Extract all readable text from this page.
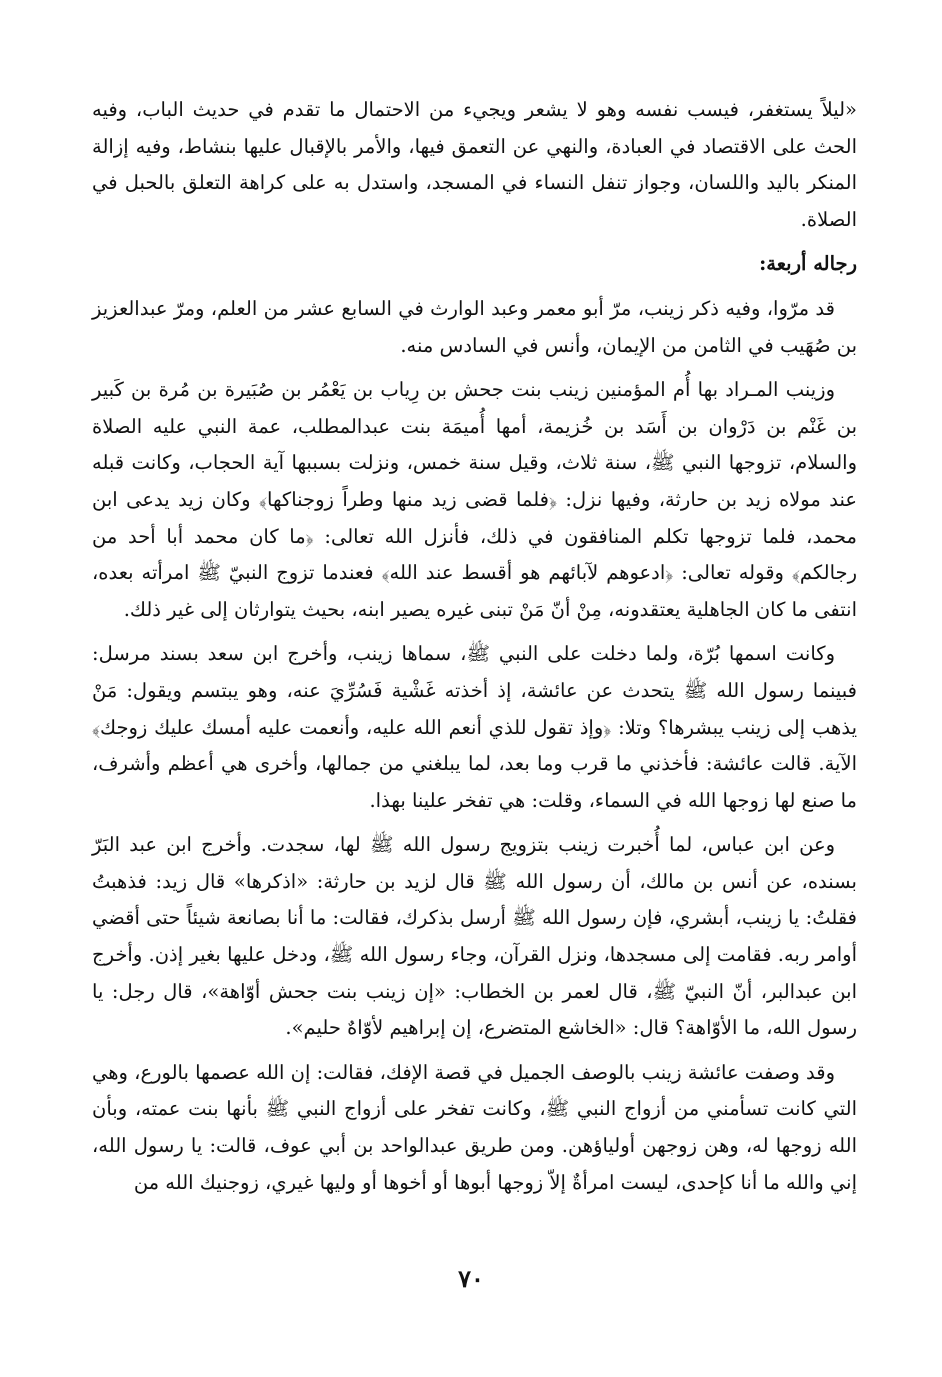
«ليلاً يستغفر، فيسب نفسه وهو لا يشعر ويجيء من الاحتمال ما تقدم في حديث الباب، وفيه الحث على الاقتصاد في العبادة، والنهي عن التعمق فيها، والأمر بالإقبال عليها بنشاط، وفيه إزالة المنكر باليد واللسان، وجواز تنفل النساء في المسجد، واستدل به على كراهة التعلق بالحبل في الصلاة.

رجاله أربعة:

قد مرّوا، وفيه ذكر زينب، مرّ أبو معمر وعبد الوارث في السابع عشر من العلم، ومرّ عبدالعزيز بن صُهَيب في الثامن من الإيمان، وأنس في السادس منه.

وزينب المـراد بها أُم المؤمنين زينب بنت جحش بن رِياب بن يَعْمُر بن صُبَيرة بن مُرة بن كَبير بن غَنْم بن دَرْوان بن أَسَد بن خُزيمة، أمها أُميمَة بنت عبدالمطلب، عمة النبي عليه الصلاة والسلام، تزوجها النبي ﷺ، سنة ثلاث، وقيل سنة خمس، ونزلت بسببها آية الحجاب، وكانت قبله عند مولاه زيد بن حارثة، وفيها نزل: ﴿فلما قضى زيد منها وطراً زوجناكها﴾ وكان زيد يدعى ابن محمد، فلما تزوجها تكلم المنافقون في ذلك، فأنزل الله تعالى: ﴿ما كان محمد أبا أحد من رجالكم﴾ وقوله تعالى: ﴿ادعوهم لآبائهم هو أقسط عند الله﴾ فعندما تزوج النبيّ ﷺ امرأته بعده، انتفى ما كان الجاهلية يعتقدونه، مِنْ أنّ مَنْ تبنى غيره يصير ابنه، بحيث يتوارثان إلى غير ذلك.

وكانت اسمها بُرّة، ولما دخلت على النبي ﷺ، سماها زينب، وأخرج ابن سعد بسند مرسل: فبينما رسول الله ﷺ يتحدث عن عائشة، إذ أخذته غَشْية فَسُرِّيَ عنه، وهو يبتسم ويقول: مَنْ يذهب إلى زينب يبشرها؟ وتلا: ﴿وإذ تقول للذي أنعم الله عليه، وأنعمت عليه أمسك عليك زوجك﴾ الآية. قالت عائشة: فأخذني ما قرب وما بعد، لما يبلغني من جمالها، وأخرى هي أعظم وأشرف، ما صنع لها زوجها الله في السماء، وقلت: هي تفخر علينا بهذا.

وعن ابن عباس، لما أُخبرت زينب بتزويج رسول الله ﷺ لها، سجدت. وأخرج ابن عبد البَرّ بسنده، عن أنس بن مالك، أن رسول الله ﷺ قال لزيد بن حارثة: «اذكرها» قال زيد: فذهبتُ فقلتُ: يا زينب، أبشري، فإن رسول الله ﷺ أرسل بذكرك، فقالت: ما أنا بصانعة شيئاً حتى أقضي أوامر ربه. فقامت إلى مسجدها، ونزل القرآن، وجاء رسول الله ﷺ، ودخل عليها بغير إذن. وأخرج ابن عبدالبر، أنّ النبيّ ﷺ، قال لعمر بن الخطاب: «إن زينب بنت جحش أوّاهة»، قال رجل: يا رسول الله، ما الأوّاهة؟ قال: «الخاشع المتضرع، إن إبراهيم لأوّاهٌ حليم».

وقد وصفت عائشة زينب بالوصف الجميل في قصة الإفك، فقالت: إن الله عصمها بالورع، وهي التي كانت تسأمني من أزواج النبي ﷺ، وكانت تفخر على أزواج النبي ﷺ بأنها بنت عمته، وبأن الله زوجها له، وهن زوجهن أولياؤهن. ومن طريق عبدالواحد بن أبي عوف، قالت: يا رسول الله، إني والله ما أنا كإحدى، ليست امرأةٌ إلاّ زوجها أبوها أو أخوها أو وليها غيري، زوجنيك الله من

٧٠
